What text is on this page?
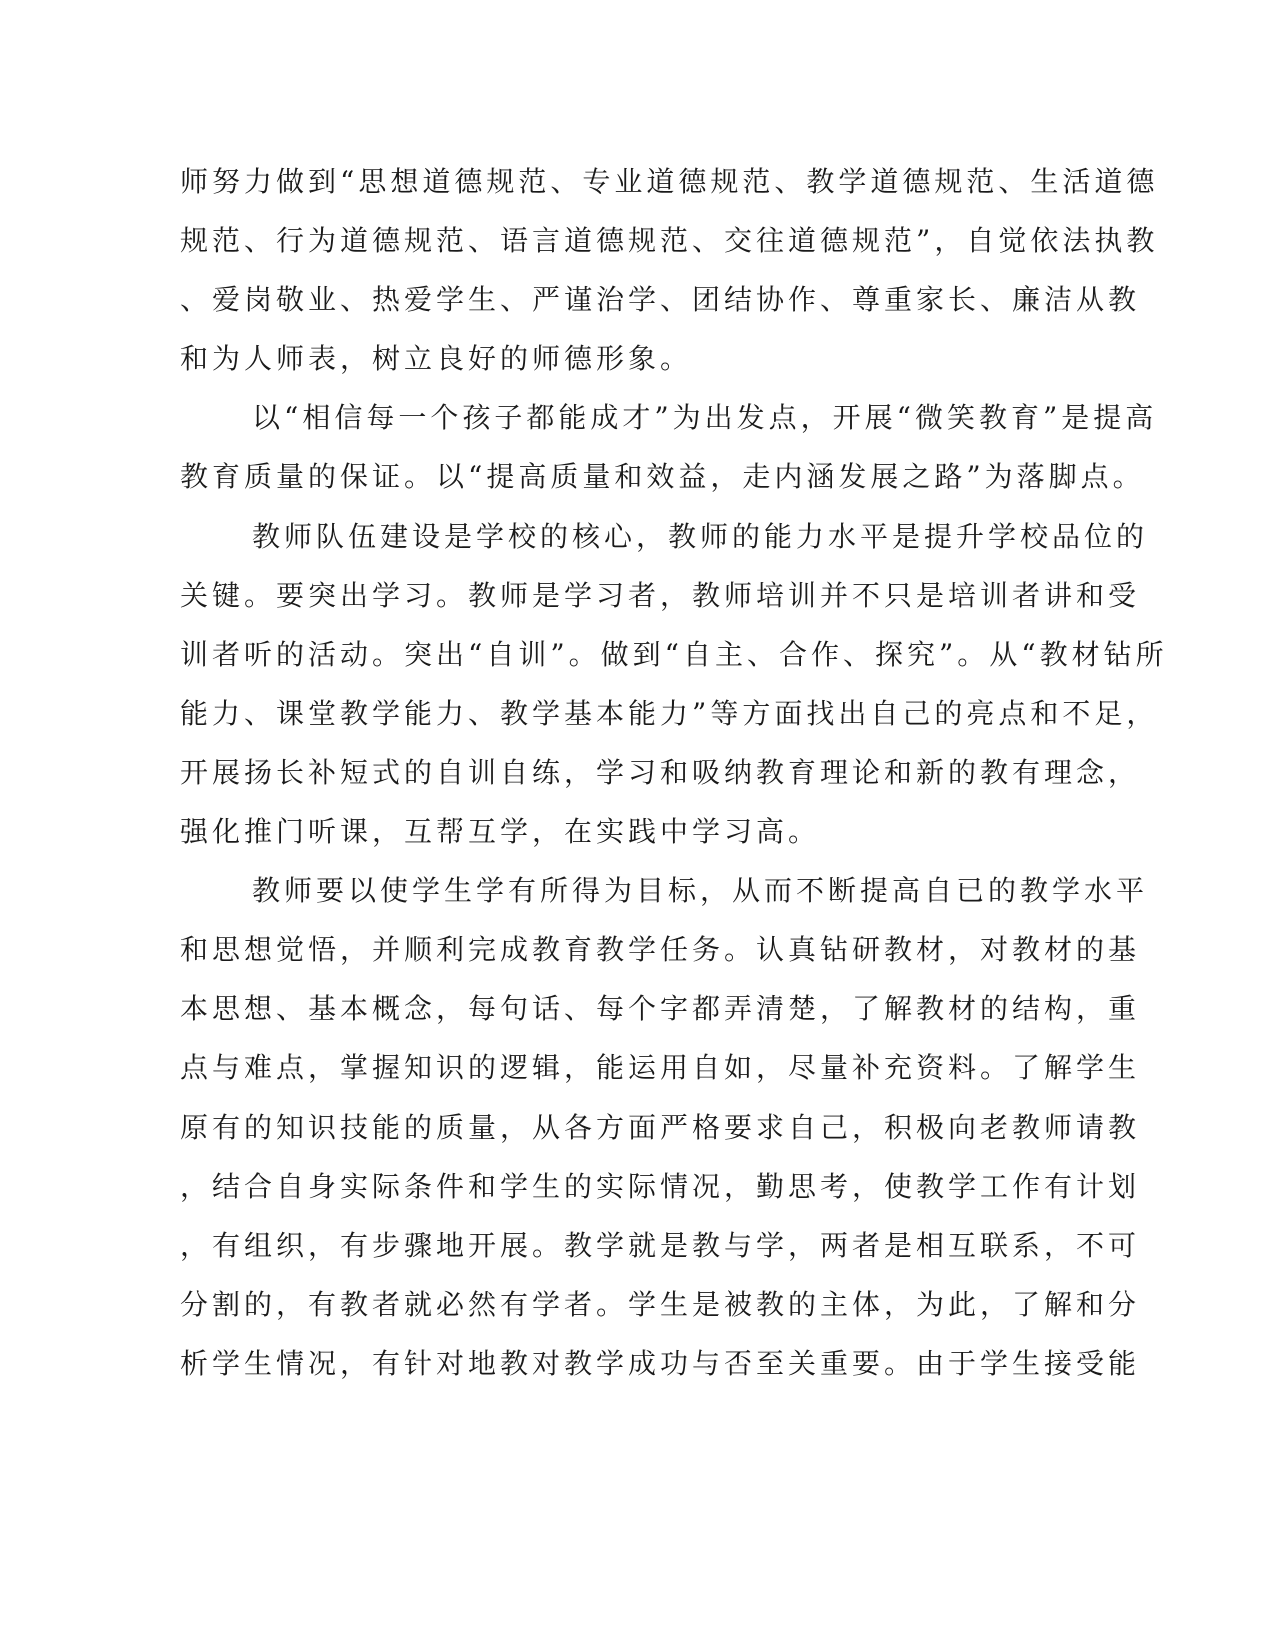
师努力做到“思想道德规范、专业道德规范、教学道德规范、生活道德
规范、行为道德规范、语言道德规范、交往道德规范”，自觉依法执教
、爱岗敬业、热爱学生、严谨治学、团结协作、尊重家长、廉洁从教
和为人师表，树立良好的师德形象。
以“相信每一个孩子都能成才”为出发点，开展“微笑教育”是提高
教育质量的保证。以“提高质量和效益，走内涵发展之路”为落脚点。
教师队伍建设是学校的核心，教师的能力水平是提升学校品位的
关键。要突出学习。教师是学习者，教师培训并不只是培训者讲和受
训者听的活动。突出“自训”。做到“自主、合作、探究”。从“教材钻所
能力、课堂教学能力、教学基本能力”等方面找出自己的亮点和不足，
开展扬长补短式的自训自练，学习和吸纳教育理论和新的教有理念，
强化推门听课，互帮互学，在实践中学习高。
教师要以使学生学有所得为目标，从而不断提高自已的教学水平
和思想觉悟，并顺利完成教育教学任务。认真钻研教材，对教材的基
本思想、基本概念，每句话、每个字都弄清楚，了解教材的结构，重
点与难点，掌握知识的逻辑，能运用自如，尽量补充资料。了解学生
原有的知识技能的质量，从各方面严格要求自己，积极向老教师请教
，结合自身实际条件和学生的实际情况，勤思考，使教学工作有计划
，有组织，有步骤地开展。教学就是教与学，两者是相互联系，不可
分割的，有教者就必然有学者。学生是被教的主体，为此，了解和分
析学生情况，有针对地教对教学成功与否至关重要。由于学生接受能
